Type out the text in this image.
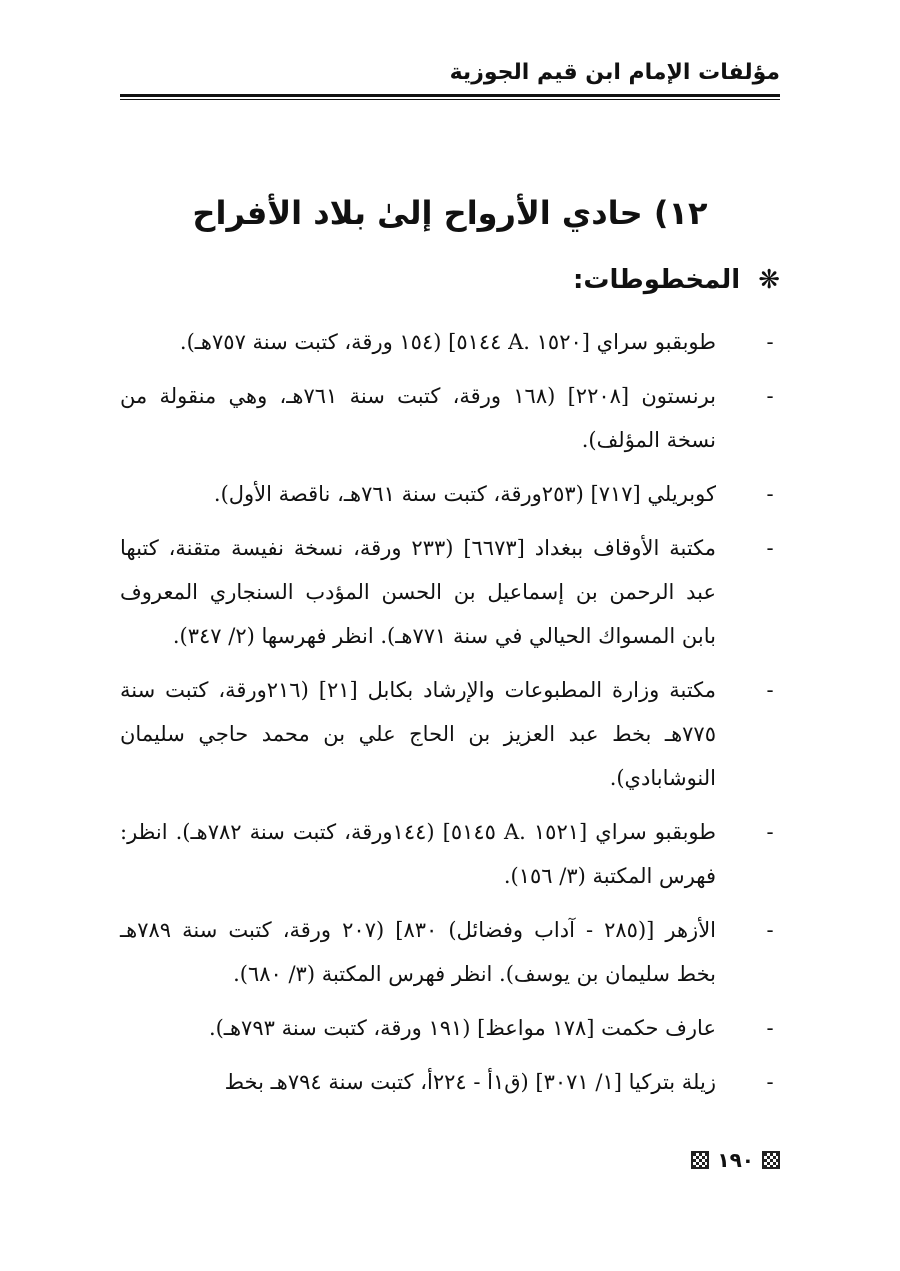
مؤلفات الإمام ابن قيم الجوزية
١٢) حادي الأرواح إلىٰ بلاد الأفراح
❋
المخطوطات:
-
طوبقبو سراي [١٥٢٠ .A ٥١٤٤] (١٥٤ ورقة، كتبت سنة ٧٥٧هـ).
-
برنستون [٢٢٠٨] (١٦٨ ورقة، كتبت سنة ٧٦١هـ، وهي منقولة من نسخة المؤلف).
-
كوبريلي [٧١٧] (٢٥٣ورقة، كتبت سنة ٧٦١هـ، ناقصة الأول).
-
مكتبة الأوقاف ببغداد [٦٦٧٣] (٢٣٣ ورقة، نسخة نفيسة متقنة، كتبها عبد الرحمن بن إسماعيل بن الحسن المؤدب السنجاري المعروف بابن المسواك الحيالي في سنة ٧٧١هـ). انظر فهرسها (٢/ ٣٤٧).
-
مكتبة وزارة المطبوعات والإرشاد بكابل [٢١] (٢١٦ورقة، كتبت سنة ٧٧٥هـ بخط عبد العزيز بن الحاج علي بن محمد حاجي سليمان النوشابادي).
-
طوبقبو سراي [١٥٢١ .A ٥١٤٥] (١٤٤ورقة، كتبت سنة ٧٨٢هـ). انظر: فهرس المكتبة (٣/ ١٥٦).
-
الأزهر [(٢٨٥ - آداب وفضائل) ٨٣٠] (٢٠٧ ورقة، كتبت سنة ٧٨٩هـ بخط سليمان بن يوسف). انظر فهرس المكتبة (٣/ ٦٨٠).
-
عارف حكمت [١٧٨ مواعظ] (١٩١ ورقة، كتبت سنة ٧٩٣هـ).
-
زيلة بتركيا [١/ ٣٠٧١] (ق١أ - ٢٢٤أ، كتبت سنة ٧٩٤هـ بخط
١٩٠
